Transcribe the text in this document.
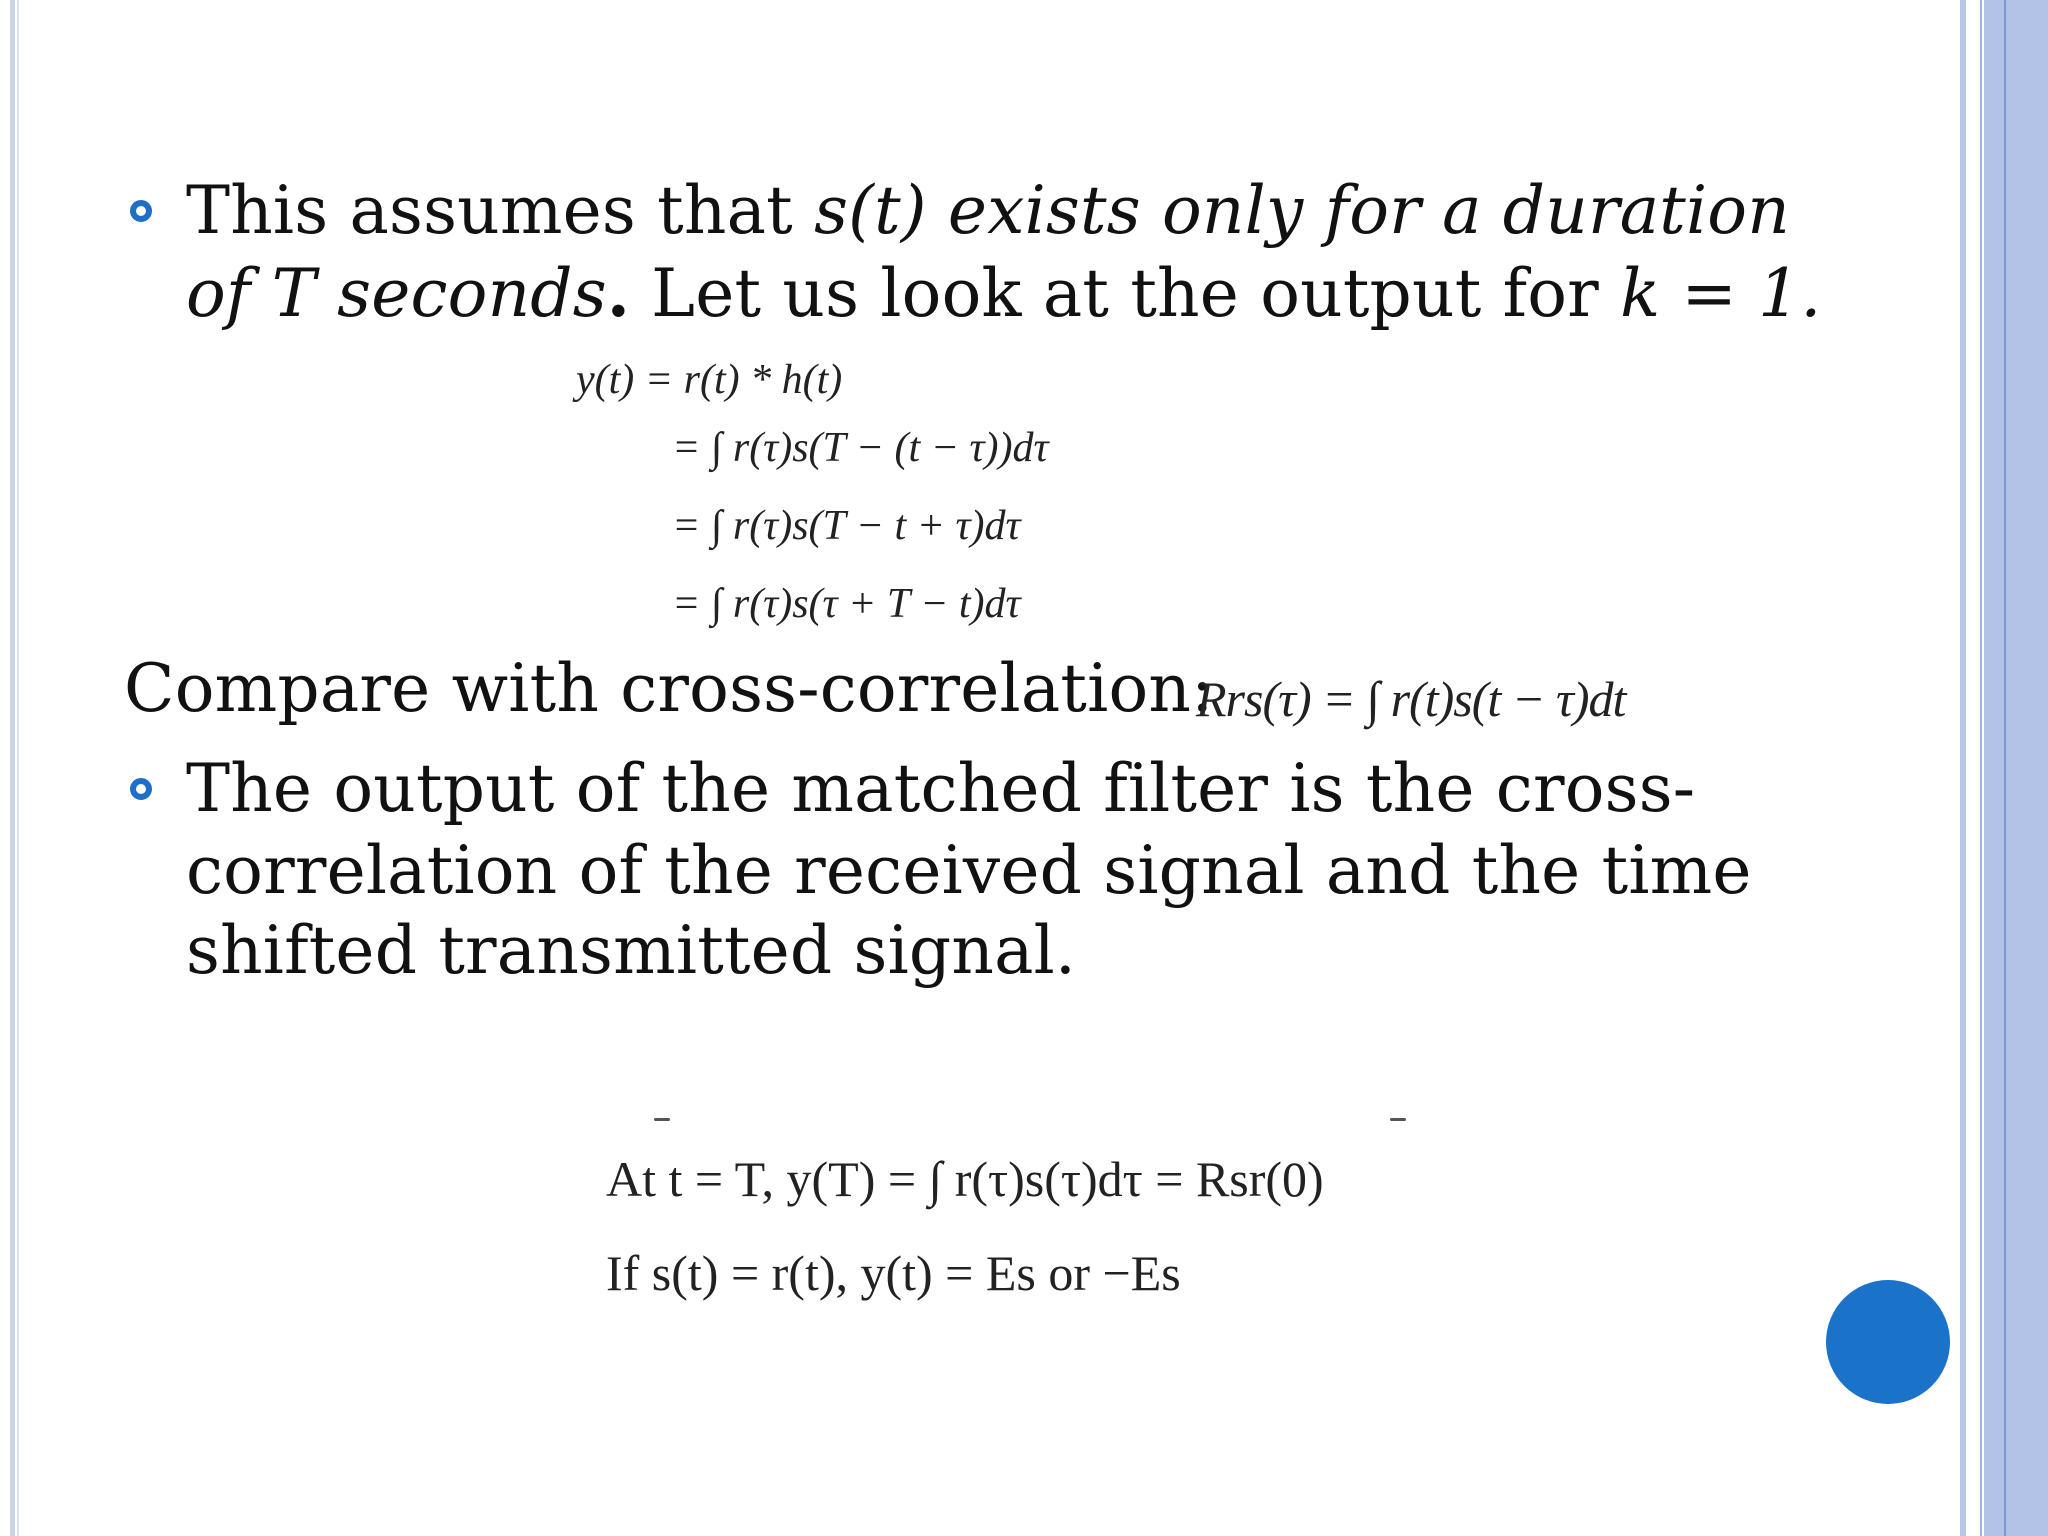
This assumes that s(t) exists only for a duration
of T seconds. Let us look at the output for k = 1.
y(t) = r(t) * h(t)
= ∫ r(τ)s(T − (t − τ))dτ
= ∫ r(τ)s(T − t + τ)dτ
= ∫ r(τ)s(τ + T − t)dτ
Compare with cross-correlation:
Rrs(τ) = ∫ r(t)s(t − τ)dt
The output of the matched filter is the cross-
correlation of the received signal and the time
shifted transmitted signal.
At t = T, y(T) = ∫ r(τ)s(τ)dτ = Rsr(0)
If s(t) = r(t), y(t) = Es or −Es
